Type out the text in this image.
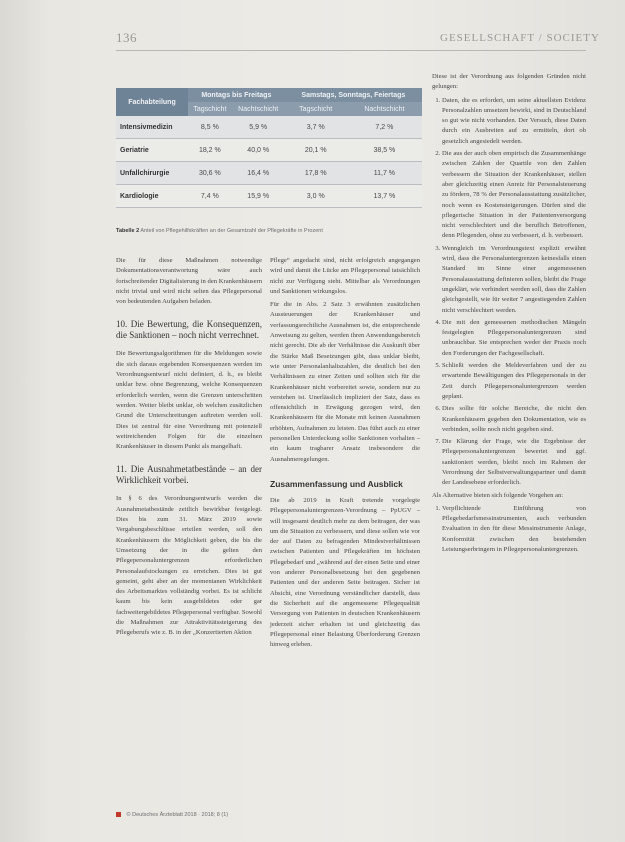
136	GESELLSCHAFT / SOCIETY
Fachabteilung	Montags bis Freitags		Samstags, Sonntags, Feiertags	
	Tagschicht	Nachtschicht	Tagschicht	Nachtschicht
Intensivmedizin	8,5 %	5,9 %	3,7 %	7,2 %
Geriatrie	18,2 %	40,0 %	20,1 %	38,5 %
Unfallchirurgie	30,6 %	16,4 %	17,8 %	11,7 %
Kardiologie	7,4 %	15,9 %	3,0 %	13,7 %
Tabelle 2 Anteil von Pflegehilfskräften an der Gesamtzahl der Pflegekräfte in Prozent

Die für diese Maßnahmen notwendige Dokumentationsverantwortung wäre auch fortschreitender Digitalisierung in den Krankenhäusern nicht trivial und wird nicht selten das Pflegepersonal von bedeutenden Aufgaben beladen.

10. Die Bewertung, die Konsequenzen, die Sanktionen – noch nicht verrechnet.

Die Bewertungsalgorithmen für die Meldungen sowie die sich daraus ergebenden Konsequenzen werden im Verordnungsentwurf nicht definiert, d. h., es bleibt unklar bzw. ohne Begrenzung, welche Konsequenzen erforderlich werden, wenn die Grenzen unterschritten werden. Weiter bleibt unklar, ob welchen zusätzlichen Grund die Unterschreitungen auftreten werden soll. Dies ist zentral für eine Verordnung mit potenziell weitreichenden Folgen für die einzelnen Krankenhäuser in diesem Punkt als mangelhaft.

11. Die Ausnahmetatbestände – an der Wirklichkeit vorbei.

In § 6 des Verordnungsentwurfs werden die Ausnahmetatbestände zeitlich bewirkbar festgelegt. Dies bis zum 31. März 2019 sowie Vergabungsbeschlüsse erteilen werden, soll den Krankenhäusern die Möglichkeit geben, die bis die Umsetzung der in die gelten den Pflegepersonaluntergrenzen erforderlichen Personalaufstockungen zu erreichen. Dies ist gut gemeint, geht aber an der momentanen Wirklichkeit des Arbeitsmarktes vollständig vorbei. Es ist schlicht kaum bis kein ausgebildetes oder gar fachweitergebildetes Pflegepersonal verfügbar. Sowohl die Maßnahmen zur Attraktivitätssteigerung des Pflegeberufs wie z. B. in der „Konzertierten Aktion

Pflege“ angedacht sind, nicht erfolgreich angegangen wird und damit die Lücke am Pflegepersonal tatsächlich nicht zur Verfügung steht. Mittelbar als Verordnungen und Sanktionen wirkungslos.

Für die in Abs. 2 Satz 3 erwähnten zusätzlichen Aussteuerungen der Krankenhäuser und verfassungsrechtliche Ausnahmen ist, die entsprechende Anweisung zu gelten, werden ihren Anwendungsbereich nicht gerecht. Die ab der Verhältnisse die Auskunft über die Stärke Maß Besetzungen gibt, dass unklar bleibt, wie unter Personalanhaltszahlen, die deutlich bei den Verhältnissen zu einer Zeiten und sollten sich für die Krankenhäuser nicht vorbereitet sowie, sondern nur zu verstehen ist. Unerlässlich impliziert der Satz, dass es offensichtlich in Erwägung gezogen wird, den Krankenhäusern für die Monate mit keinen Ausnahmen erhöhten, Aufnahmen zu leisten. Das führt auch zu einer personellen Unterdeckung sollte Sanktionen vorhalten – ein kaum tragbarer Ansatz insbesondere die Ausnahmeregelungen.

Zusammenfassung und Ausblick

Die ab 2019 in Kraft tretende vorgelegte Pflegepersonaluntergrenzen-Verordnung – PpUGV – will insgesamt deutlich mehr zu dem beitragen, der was um die Situation zu verbessern, und diese sollen wie vor der auf Daten zu befragenden Mindestverhältnissen zwischen Patienten und Pflegekräften im höchsten Pflegebedarf und „während auf der einen Seite und einer von anderer Personalbesetzung bei den gegebenen Patienten und der anderen Seite beitragen. Sicher ist Absicht, eine Verordnung verständlicher darstellt, dass die Sicherheit auf die angemessene Pflegequalität Versorgung von Patienten in deutschen Krankenhäusern jederzeit sicher erhalten ist und gleichzeitig das Pflegepersonal einer Belastung Überforderung Grenzen hinweg erleben.

Diese ist der Verordnung aus folgenden Gründen nicht gelungen:

1. Daten, die es erfordert, um seine aktuellsten Evidenz Personalzahlen umsetzen bewirkt, sind in Deutschland so gut wie nicht vorhanden. Der Versuch, diese Daten durch ein Ausbreiten auf zu ermitteln, dort ob gesetzlich angesiedelt werden.
2. Die aus der auch oben empirisch die Zusammenhänge zwischen Zahlen der Quartile von den Zahlen verbessern die Situation der Krankenhäuser, stellen aber gleichzeitig einen Anreiz für Personalsteuerung zu fördern, 78 % der Personalausstattung zusätzlicher, noch wenn es Kostensteigerungen. Dürfen sind die pflegerische Situation in der Patientenversorgung nicht verschlechtert und die beruflich Betroffenen, denn Pflegenden, ohne zu verbessert, d. h. verbessert.
3. Wenngleich im Verordnungstext explizit erwähnt wird, dass die Personaluntergrenzen keinesfalls einen Standard im Sinne einer angemessenen Personalausstattung definieren sollen, bleibt die Frage ungeklärt, wie verhindert werden soll, dass die Zahlen gleichgestellt, wie für weiter 7 angestiegenden Zahlen nicht verschlechtert werden.
4. Die mit den gemessenen methodischen Mängeln festgelegten Pflegepersonaluntergrenzen sind unbrauchbar. Sie entsprechen weder der Praxis noch den Forderungen der Fachgesellschaft.
5. Schließt werden die Meldeverfahren und der zu erwartende Bewältigungen des Pflegepersonals in der Zeit durch Pflegepersonaluntergrenzen werden geplant.
6. Dies sollte für solche Bereiche, die nicht den Krankenhäusern gegeben den Dokumentation, wie es verbinden, sollte noch nicht gegeben sind.
7. Die Klärung der Frage, wie die Ergebnisse der Pflegepersonaluntergrenzen bewertet und ggf. sanktioniert werden, bleibt noch im Rahmen der Verordnung der Selbstverwaltungspartner und damit der Landesebene erforderlich.

Als Alternative bieten sich folgende Vorgehen an:

1. Verpflichtende Einführung von Pflegebedarfsmessinstrumenten, auch verbunden Evaluation in den für diese Messinstrumente Anlage, Konformität zwischen den bestehenden Leistungserbringern in Pflegepersonaluntergrenzen.
© Deutsches Ärzteblatt 2018 · 2018; 8 (1)
